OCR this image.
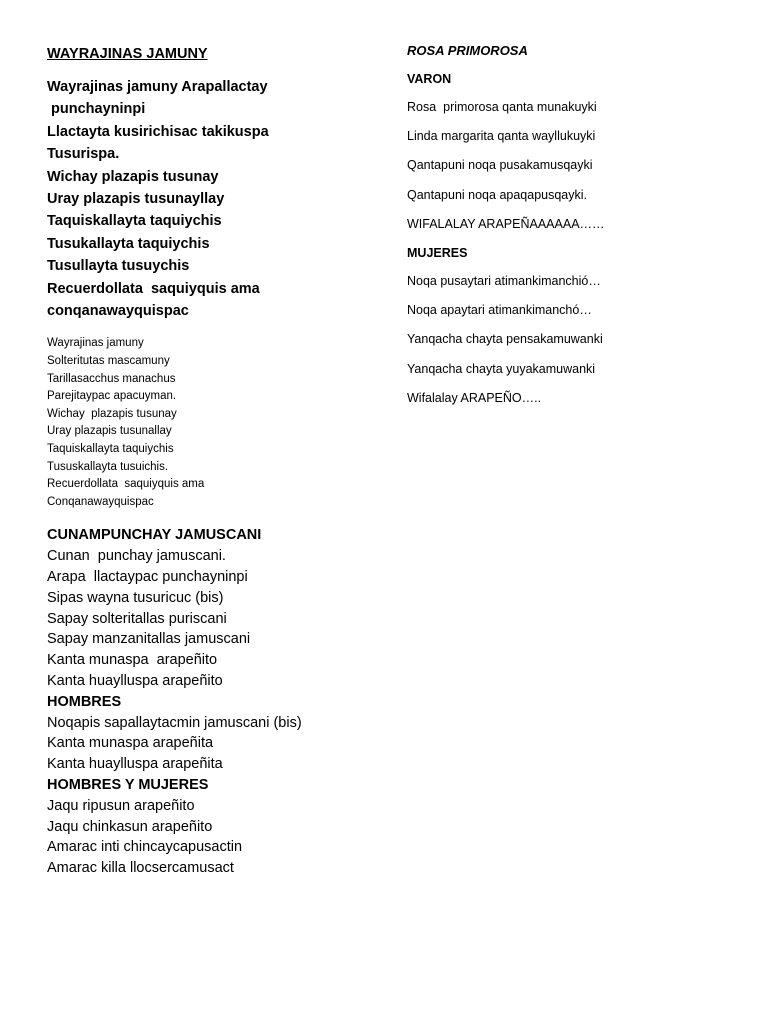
WAYRAJINAS JAMUNY
Wayrajinas jamuny Arapallactay
punchayninpi
Llactayta kusirichisac takikuspa
Tusurispa.
Wichay plazapis tusunay
Uray plazapis tusunayllay
Taquiskallayta taquiychis
Tusukallayta taquiychis
Tusullayta tusuychis
Recuerdollata  saquiyquis ama
conqanawayquispac
Wayrajinas jamuny
Solteritutas mascamuny
Tarillasacchus manachus
Parejitaypac apacuyman.
Wichay  plazapis tusunay
Uray plazapis tusunallay
Taquiskallayta taquiychis
Tususkallayta tusuichis.
Recuerdollata  saquiyquis ama
Conqanawayquispac
CUNAMPUNCHAY JAMUSCANI
Cunan  punchay jamuscani.
Arapa  llactaypac punchayninpi
Sipas wayna tusuricuc (bis)
Sapay solteritallas puriscani
Sapay manzanitallas jamuscani
Kanta munaspa  arapeñito
Kanta huaylluspa arapeñito
HOMBRES
Noqapis sapallaytacmin jamuscani (bis)
Kanta munaspa arapeñita
Kanta huaylluspa arapeñita
HOMBRES Y MUJERES
Jaqu ripusun arapeñito
Jaqu chinkasun arapeñito
Amarac inti chincaycapusactin
Amarac killa llocsercamusact
ROSA PRIMOROSA
VARON
Rosa  primorosa qanta munakuyki
Linda margarita qanta wayllukuyki
Qantapuni noqa pusakamusqayki
Qantapuni noqa apaqapusqayki.
WIFALALAY ARAPEÑAAAAAA……
MUJERES
Noqa pusaytari atimankimanchió…
Noqa apaytari atimankimanchó…
Yanqacha chayta pensakamuwanki
Yanqacha chayta yuyakamuwanki
Wifalalay ARAPEÑO…..
